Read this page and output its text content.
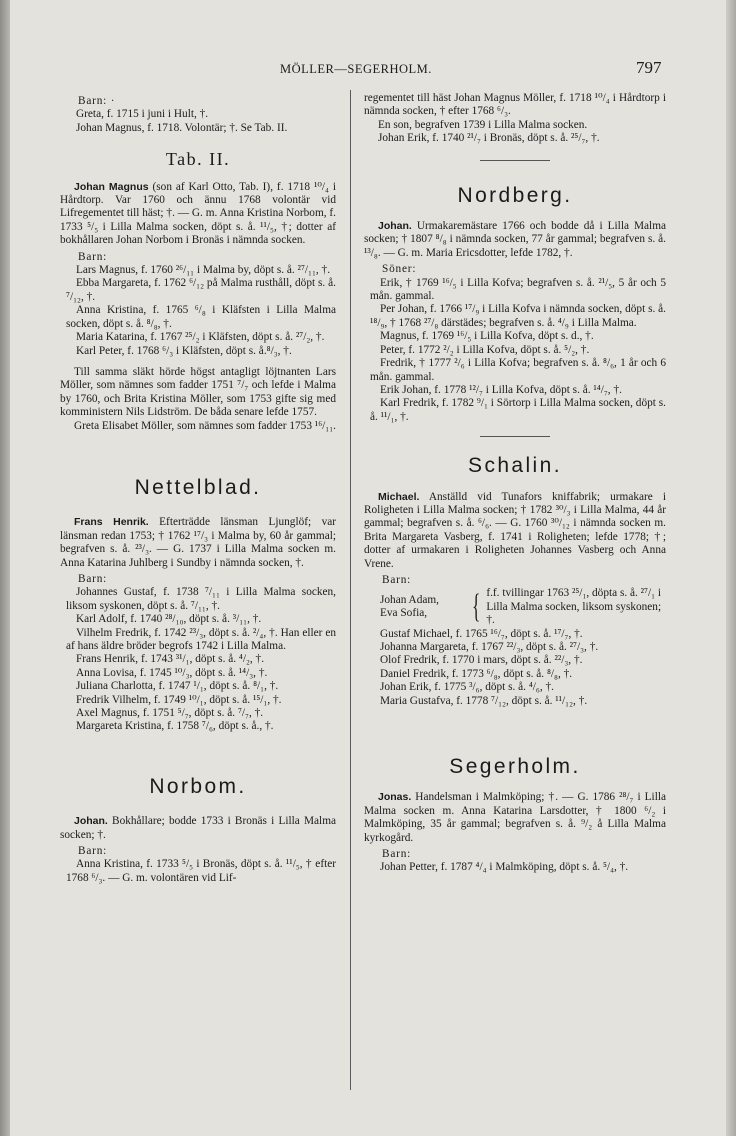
MÖLLER—SEGERHOLM.	797

Barn: ·

Greta, f. 1715 i juni i Hult, †.

Johan Magnus, f. 1718. Volontär; †. Se Tab. II.

Tab. II.

Johan Magnus (son af Karl Otto, Tab. I), f. 1718 ¹⁰/₄ i Hårdtorp. Var 1760 och ännu 1768 volontär vid Lifregementet till häst; †. — G. m. Anna Kristina Norbom, f. 1733 ⁵/₅ i Lilla Malma socken, döpt s. å. ¹¹/₅, †; dotter af bokhållaren Johan Norbom i Bronäs i nämnda socken.

Barn:

Lars Magnus, f. 1760 ²⁶/₁₁ i Malma by, döpt s. å. ²⁷/₁₁, †.

Ebba Margareta, f. 1762 ⁶/₁₂ på Malma rusthåll, döpt s. å. ⁷/₁₂, †.

Anna Kristina, f. 1765 ⁶/₈ i Kläfsten i Lilla Malma socken, döpt s. å. ⁸/₈, †.

Maria Katarina, f. 1767 ²⁵/₂ i Kläfsten, döpt s. å. ²⁷/₂, †.

Karl Peter, f. 1768 ⁶/₃ i Kläfsten, döpt s. å.⁸/₃, †.

Till samma släkt hörde högst antagligt löjtnanten Lars Möller, som nämnes som fadder 1751 ⁷/₇ och lefde i Malma by 1760, och Brita Kristina Möller, som 1753 gifte sig med komministern Nils Lidström. De båda senare lefde 1757.

Greta Elisabet Möller, som nämnes som fadder 1753 ¹⁶/₁₁.

Nettelblad.

Frans Henrik. Efterträdde länsman Ljunglöf; var länsman redan 1753; † 1762 ¹⁷/₃ i Malma by, 60 år gammal; begrafven s. å. ²³/₃. — G. 1737 i Lilla Malma socken m. Anna Katarina Juhlberg i Sundby i nämnda socken, †.

Barn:

Johannes Gustaf, f. 1738 ⁷/₁₁ i Lilla Malma socken, liksom syskonen, döpt s. å. ⁷/₁₁, †.

Karl Adolf, f. 1740 ²⁸/₁₀, döpt s. å. ³/₁₁, †.

Vilhelm Fredrik, f. 1742 ²³/₃, döpt s. å. ²/₄, †. Han eller en af hans äldre bröder begrofs 1742 i Lilla Malma.

Frans Henrik, f. 1743 ³¹/₁, döpt s. å. ⁴/₂, †.

Anna Lovisa, f. 1745 ¹⁰/₃, döpt s. å. ¹⁴/₃, †.

Juliana Charlotta, f. 1747 ¹/₁, döpt s. å. ⁸/₁, †.

Fredrik Vilhelm, f. 1749 ¹⁰/₁, döpt s. å. ¹⁵/₁, †.

Axel Magnus, f. 1751 ⁵/₇, döpt s. å. ⁷/₇, †.

Margareta Kristina, f. 1758 ⁷/₆, döpt s. å., †.

Norbom.

Johan. Bokhållare; bodde 1733 i Bronäs i Lilla Malma socken; †.

Barn:

Anna Kristina, f. 1733 ⁵/₅ i Bronäs, döpt s. å. ¹¹/₅, † efter 1768 ⁶/₃. — G. m. volontären vid Lif-

regementet till häst Johan Magnus Möller, f. 1718 ¹⁰/₄ i Hårdtorp i nämnda socken, † efter 1768 ⁶/₃.

En son, begrafven 1739 i Lilla Malma socken.

Johan Erik, f. 1740 ²¹/₇ i Bronäs, döpt s. å. ²⁵/₇, †.

Nordberg.

Johan. Urmakaremästare 1766 och bodde då i Lilla Malma socken; † 1807 ⁸/₈ i nämnda socken, 77 år gammal; begrafven s. å. ¹³/₈. — G. m. Maria Ericsdotter, lefde 1782, †.

Söner:

Erik, † 1769 ¹⁶/₅ i Lilla Kofva; begrafven s. å. ²¹/₅, 5 år och 5 mån. gammal.

Per Johan, f. 1766 ¹⁷/₉ i Lilla Kofva i nämnda socken, döpt s. å. ¹⁸/₉, † 1768 ²⁷/₈ därstädes; begrafven s. å. ⁴/₉ i Lilla Malma.

Magnus, f. 1769 ¹⁶/₅ i Lilla Kofva, döpt s. d., †.

Peter, f. 1772 ²/₂ i Lilla Kofva, döpt s. å. ⁵/₂, †.

Fredrik, † 1777 ²/₆ i Lilla Kofva; begrafven s. å. ⁸/₆, 1 år och 6 mån. gammal.

Erik Johan, f. 1778 ¹²/₇ i Lilla Kofva, döpt s. å. ¹⁴/₇, †.

Karl Fredrik, f. 1782 ⁹/₁ i Sörtorp i Lilla Malma socken, döpt s. å. ¹¹/₁, †.

Schalin.

Michael. Anställd vid Tunafors kniffabrik; urmakare i Roligheten i Lilla Malma socken; † 1782 ³⁰/₃ i Lilla Malma, 44 år gammal; begrafven s. å. ⁶/₆. — G. 1760 ³⁰/₁₂ i nämnda socken m. Brita Margareta Vasberg, f. 1741 i Roligheten; lefde 1778; †; dotter af urmakaren i Roligheten Johannes Vasberg och Anna Vrene.

Barn:

Johan Adam,
Eva Sofia,	{ f.f. tvillingar 1763 ²⁵/₁, döpta s. å. ²⁷/₁ i Lilla Malma socken, liksom syskonen; †.

Gustaf Michael, f. 1765 ¹⁶/₇, döpt s. å. ¹⁷/₇, †.

Johanna Margareta, f. 1767 ²²/₃, döpt s. å. ²⁷/₃, †.

Olof Fredrik, f. 1770 i mars, döpt s. å. ²²/₃, †.

Daniel Fredrik, f. 1773 ⁶/₈, döpt s. å. ⁸/₈, †.

Johan Erik, f. 1775 ³/₆, döpt s. å. ⁴/₆, †.

Maria Gustafva, f. 1778 ⁷/₁₂, döpt s. å. ¹¹/₁₂, †.

Segerholm.

Jonas. Handelsman i Malmköping; †. — G. 1786 ²⁸/₇ i Lilla Malma socken m. Anna Katarina Larsdotter, † 1800 ⁶/₂ i Malmköping, 35 år gammal; begrafven s. å. ⁹/₂ å Lilla Malma kyrkogård.

Barn:

Johan Petter, f. 1787 ⁴/₄ i Malmköping, döpt s. å. ⁵/₄, †.
